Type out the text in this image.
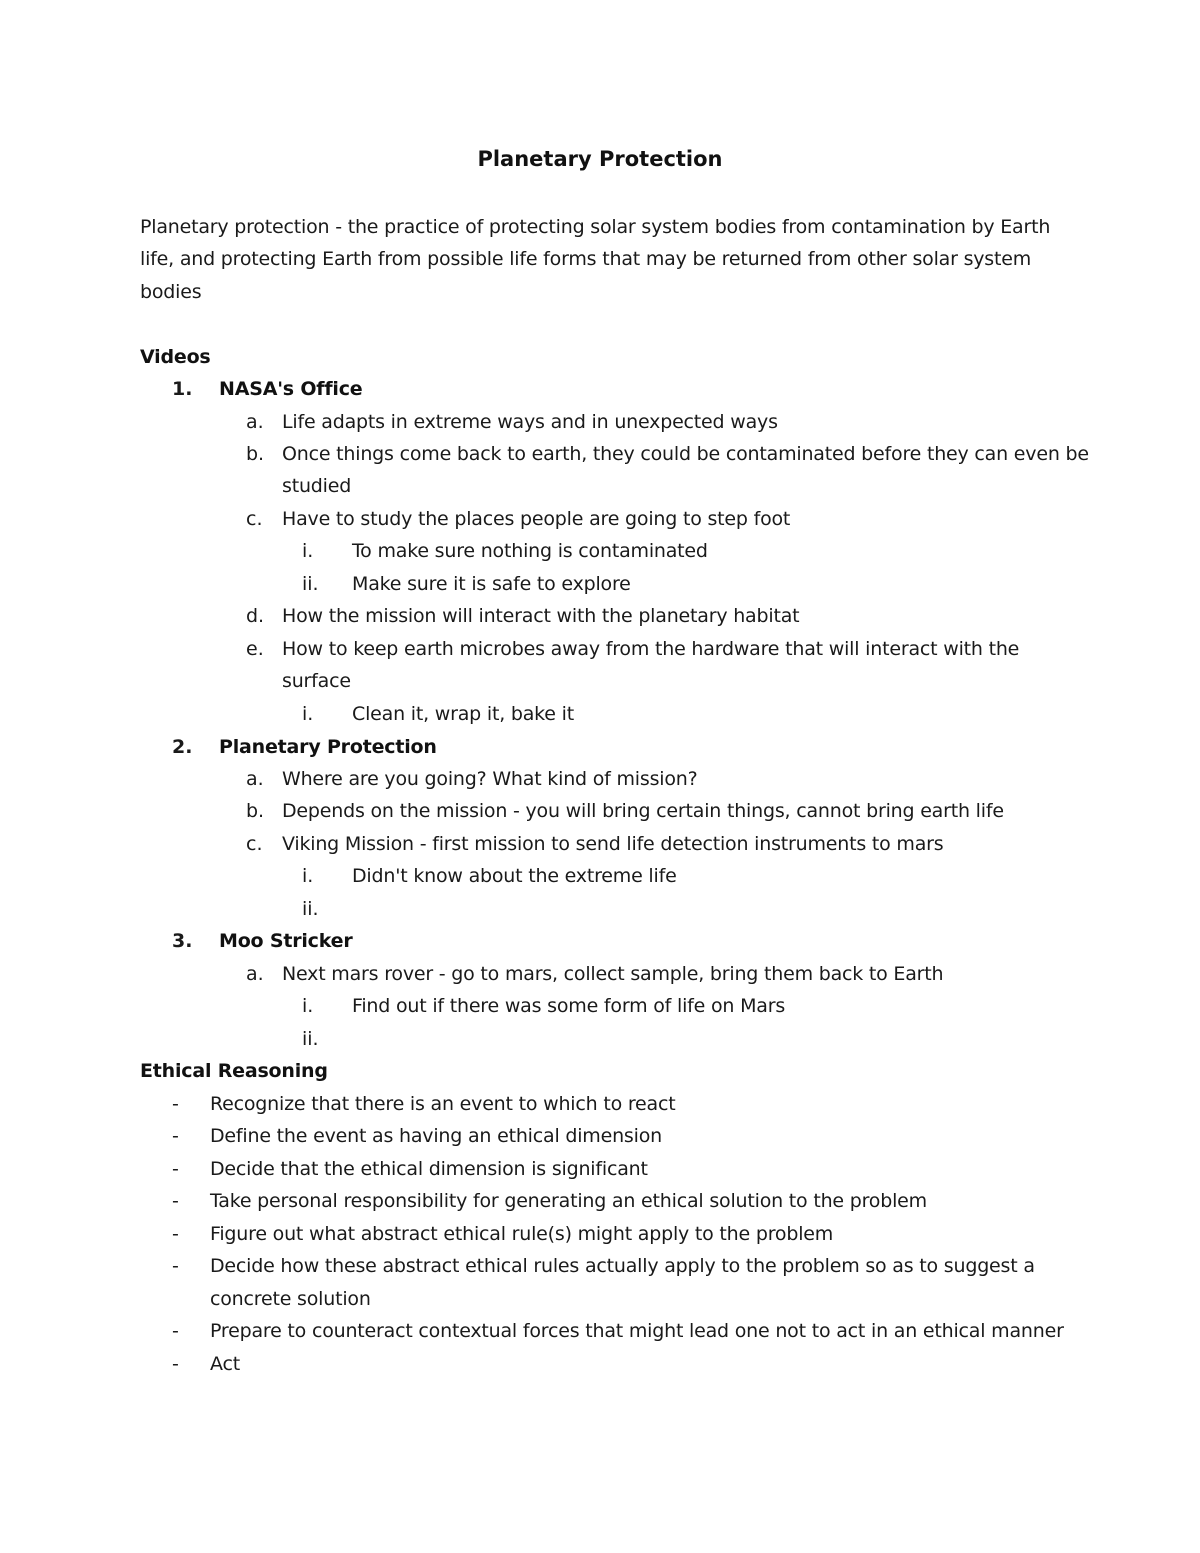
Planetary Protection
Planetary protection - the practice of protecting solar system bodies from contamination by Earth
life, and protecting Earth from possible life forms that may be returned from other solar system
bodies
Videos
1. NASA's Office
a. Life adapts in extreme ways and in unexpected ways
b. Once things come back to earth, they could be contaminated before they can even be
studied
c. Have to study the places people are going to step foot
i. To make sure nothing is contaminated
ii. Make sure it is safe to explore
d. How the mission will interact with the planetary habitat
e. How to keep earth microbes away from the hardware that will interact with the
surface
i. Clean it, wrap it, bake it
2. Planetary Protection
a. Where are you going? What kind of mission?
b. Depends on the mission - you will bring certain things, cannot bring earth life
c. Viking Mission - first mission to send life detection instruments to mars
i. Didn't know about the extreme life
ii.
3. Moo Stricker
a. Next mars rover - go to mars, collect sample, bring them back to Earth
i. Find out if there was some form of life on Mars
ii.
Ethical Reasoning
- Recognize that there is an event to which to react
- Define the event as having an ethical dimension
- Decide that the ethical dimension is significant
- Take personal responsibility for generating an ethical solution to the problem
- Figure out what abstract ethical rule(s) might apply to the problem
- Decide how these abstract ethical rules actually apply to the problem so as to suggest a
concrete solution
- Prepare to counteract contextual forces that might lead one not to act in an ethical manner
- Act
